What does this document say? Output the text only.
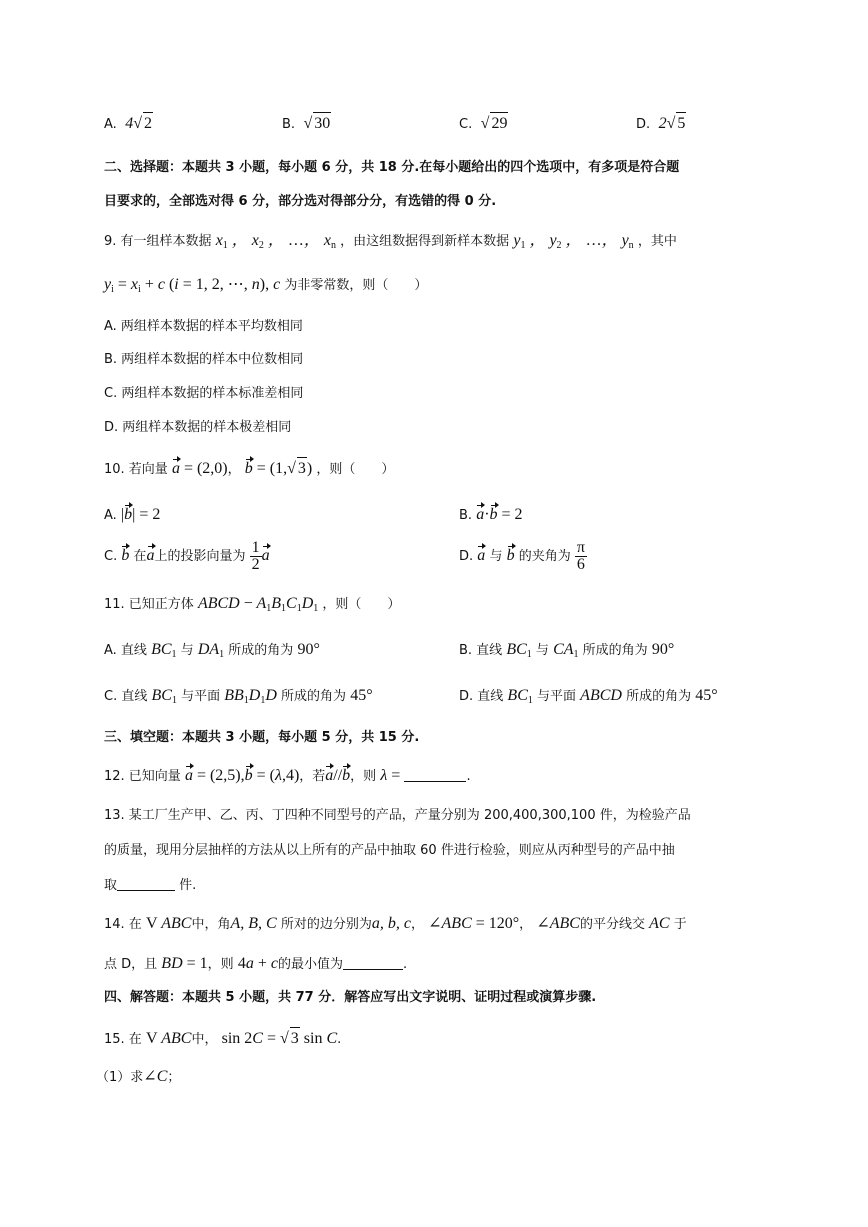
A.  4√ 2	B. √ 30	C. √ 29	D.  2√ 5
二、选择题：本题共 3 小题，每小题 6 分，共 18 分.在每小题给出的四个选项中，有多项是符合题
目要求的，全部选对得 6 分，部分选对得部分分，有选错的得 0 分.
9. 有一组样本数据 $x_1$ ， $x_2$ ， …， $x_n$ ，由这组数据得到新样本数据 $y_1$ ， $y_2$ ， …， $y_n$ ，其中
$y_i = x_i + c$ (i = 1, 2, ⋯, n), c 为非零常数，则（　　）
A. 两组样本数据的样本平均数相同
B. 两组样本数据的样本中位数相同
C. 两组样本数据的样本标准差相同
D. 两组样本数据的样本极差相同
10. 若向量 a = (2,0)， b = (1,√ 3) ，则（　　）
A. |b| = 2	B. a·b = 2
C. b 在a上的投影向量为 $\frac{1}{2}$ a	D. a 与 b 的夹角为 $\frac{\pi}{6}$
11. 已知正方体 ABCD − $A_1B_1C_1D_1$ ，则（　　）
A. 直线 $BC_1$ 与 $DA_1$ 所成的角为 90°	B. 直线 $BC_1$ 与 $CA_1$ 所成的角为 90°
C. 直线 $BC_1$ 与平面 $BB_1D_1D$ 所成的角为 45°	D. 直线 $BC_1$ 与平面 ABCD 所成的角为 45°
三、填空题：本题共 3 小题，每小题 5 分，共 15 分.
12. 已知向量 a = (2,5),b = (λ,4)，若a//b，则 λ =	.
13. 某工厂生产甲、乙、丙、丁四种不同型号的产品，产量分别为 200,400,300,100 件，为检验产品
的质量，现用分层抽样的方法从以上所有的产品中抽取 60 件进行检验，则应从丙种型号的产品中抽
取	件.
14. 在 V ABC中，角A, B, C 所对的边分别为a, b, c， ∠ABC = 120°， ∠ABC的平分线交 AC 于
点 D，且 BD = 1，则 4a + c的最小值为	.
四、解答题：本题共 5 小题，共 77 分．解答应写出文字说明、证明过程或演算步骤.
15. 在 V ABC中， sin 2C = √ 3 sin C.
（1）求∠C；
